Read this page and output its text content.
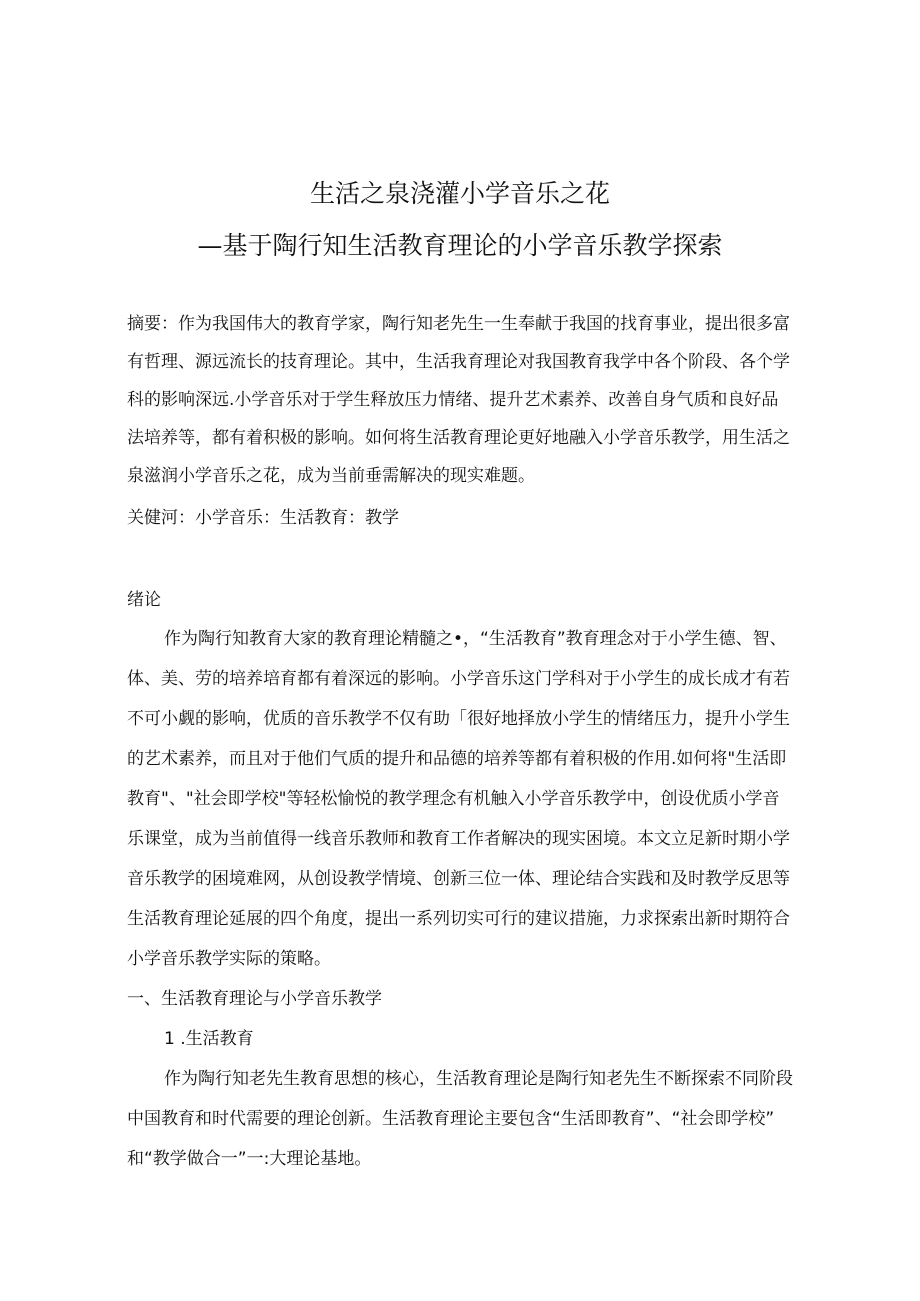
生活之泉浇灌小学音乐之花
—基于陶行知生活教育理论的小学音乐教学探索
摘要：作为我国伟大的教育学家，陶行知老先生一生奉献于我国的找育事业，提出很多富
有哲理、源远流长的技育理论。其中，生活我育理论对我国教育我学中各个阶段、各个学
科的影响深远.小学音乐对于学生释放压力情绪、提升艺术素养、改善自身气质和良好品
法培养等，都有着积极的影响。如何将生活教育理论更好地融入小学音乐教学，用生活之
泉滋润小学音乐之花，成为当前垂需解决的现实难题。
关健河：小学音乐：生活教育：教学
绪论
作为陶行知教育大家的教育理论精髓之•，“生活教育”教育理念对于小学生德、智、
体、美、劳的培养培育都有着深远的影响。小学音乐这门学科对于小学生的成长成才有若
不可小觑的影响，优质的音乐教学不仅有助「很好地择放小学生的情绪压力，提升小学生
的艺术素养，而且对于他们气质的提升和品德的培养等都有着积极的作用.如何将"生活即
教育"、"社会即学校"等轻松愉悦的教学理念有机触入小学音乐教学中，创设优质小学音
乐课堂，成为当前值得一线音乐教师和教育工作者解决的现实困境。本文立足新时期小学
音乐教学的困境难网，从创设教学情境、创新三位一体、理论结合实践和及时教学反思等
生活教育理论延展的四个角度，提出一系列切实可行的建议措施，力求探索出新时期符合
小学音乐教学实际的策略。
一、生活教育理论与小学音乐教学
1 .生活教育
作为陶行知老先生教育思想的核心，生活教育理论是陶行知老先生不断探索不同阶段
中国教育和时代需要的理论创新。生活教育理论主要包含“生活即教育”、“社会即学校”
和“教学做合一”一:大理论基地。
